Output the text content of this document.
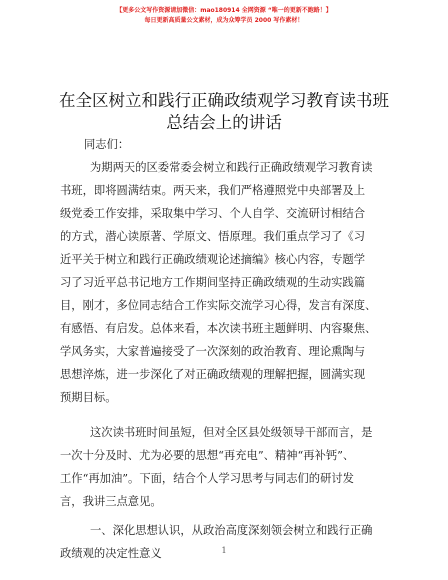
【更多公文写作资源请加微信：mao180914 全网资源 “唯一的更新不跑路！】
每日更新高质量公文素材，成为众筹学员 2000 写作素材！
在全区树立和践行正确政绩观学习教育读书班
总结会上的讲话
同志们：
为期两天的区委常委会树立和践行正确政绩观学习教育读
书班，即将圆满结束。两天来，我们严格遵照党中央部署及上
级党委工作安排，采取集中学习、个人自学、交流研讨相结合
的方式，潜心读原著、学原文、悟原理。我们重点学习了《习
近平关于树立和践行正确政绩观论述摘编》核心内容，专题学
习了习近平总书记地方工作期间坚持正确政绩观的生动实践篇
目，刚才，多位同志结合工作实际交流学习心得，发言有深度、
有感悟、有启发。总体来看，本次读书班主题鲜明、内容聚焦、
学风务实，大家普遍接受了一次深刻的政治教育、理论熏陶与
思想淬炼，进一步深化了对正确政绩观的理解把握，圆满实现
预期目标。
这次读书班时间虽短，但对全区县处级领导干部而言，是
一次十分及时、尤为必要的思想“再充电”、精神“再补钙”、
工作“再加油”。下面，结合个人学习思考与同志们的研讨发
言，我讲三点意见。
一、深化思想认识，从政治高度深刻领会树立和践行正确
政绩观的决定性意义	1
